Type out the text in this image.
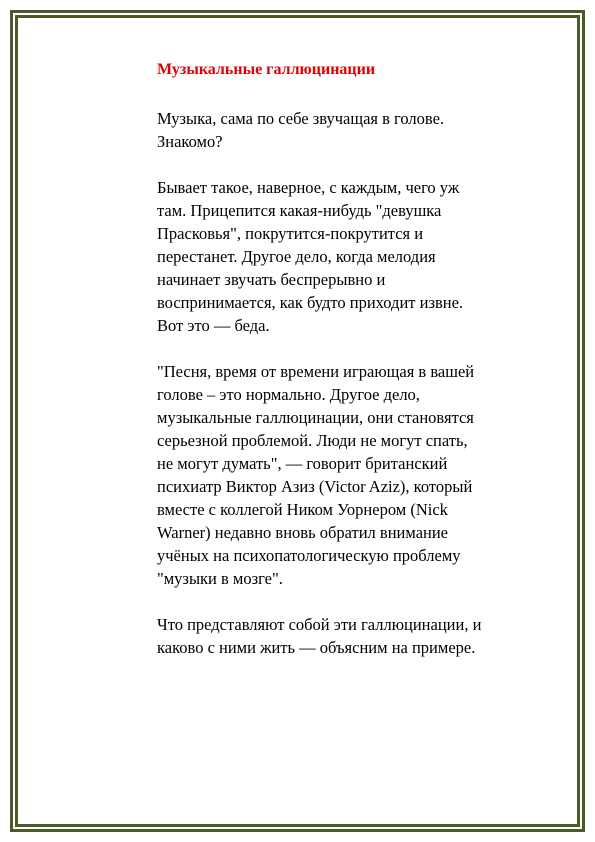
Музыкальные галлюцинации

Музыка, сама по себе звучащая в голове. Знакомо?

Бывает такое, наверное, с каждым, чего уж там. Прицепится какая-нибудь "девушка Прасковья", покрутится-покрутится и перестанет. Другое дело, когда мелодия начинает звучать беспрерывно и воспринимается, как будто приходит извне. Вот это — беда.

"Песня, время от времени играющая в вашей голове – это нормально. Другое дело, музыкальные галлюцинации, они становятся серьезной проблемой. Люди не могут спать, не могут думать", — говорит британский психиатр Виктор Азиз (Victor Aziz), который вместе с коллегой Ником Уорнером (Nick Warner) недавно вновь обратил внимание учёных на психопатологическую проблему "музыки в мозге".

Что представляют собой эти галлюцинации, и каково с ними жить — объясним на примере.
